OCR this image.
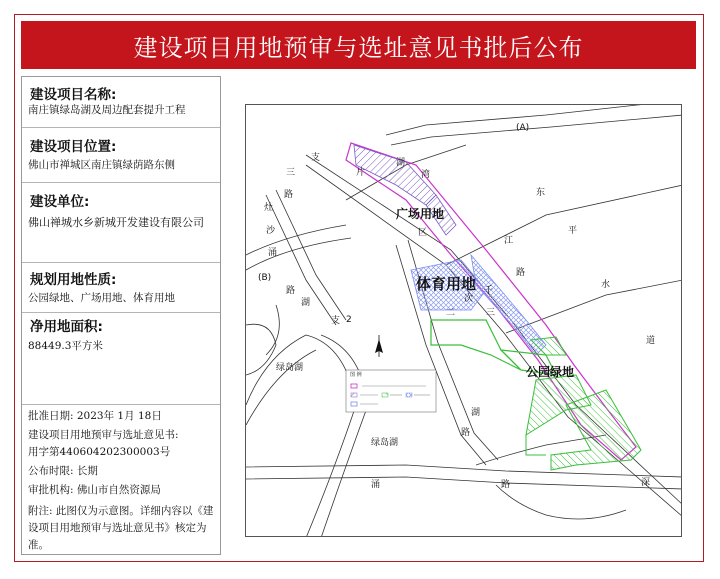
建设项目用地预审与选址意见书批后公布
建设项目名称:
南庄镇绿岛湖及周边配套提升工程
建设项目位置:
佛山市禅城区南庄镇绿荫路东侧
建设单位:
佛山禅城水乡新城开发建设有限公司
规划用地性质:
公园绿地、广场用地、体育用地
净用地面积:
88449.3平方米
批准日期: 2023年 1月 18日
建设项目用地预审与选址意见书:
用字第440604202300003号
公布时限: 长期
审批机构: 佛山市自然资源局
附注: 此图仅为示意图。详细内容以《建设项目用地预审与选址意见书》核定为准。
(A)
三
支
路
湖
片	湾
广场用地
区
东
平
水
道
江
路
千
体育用地
次
三
二
灶
沙
涌
湖
支 2
路
绿岛湖
绿岛湖
湖
路
涌	路	深
(B)
公园绿地
图 例
